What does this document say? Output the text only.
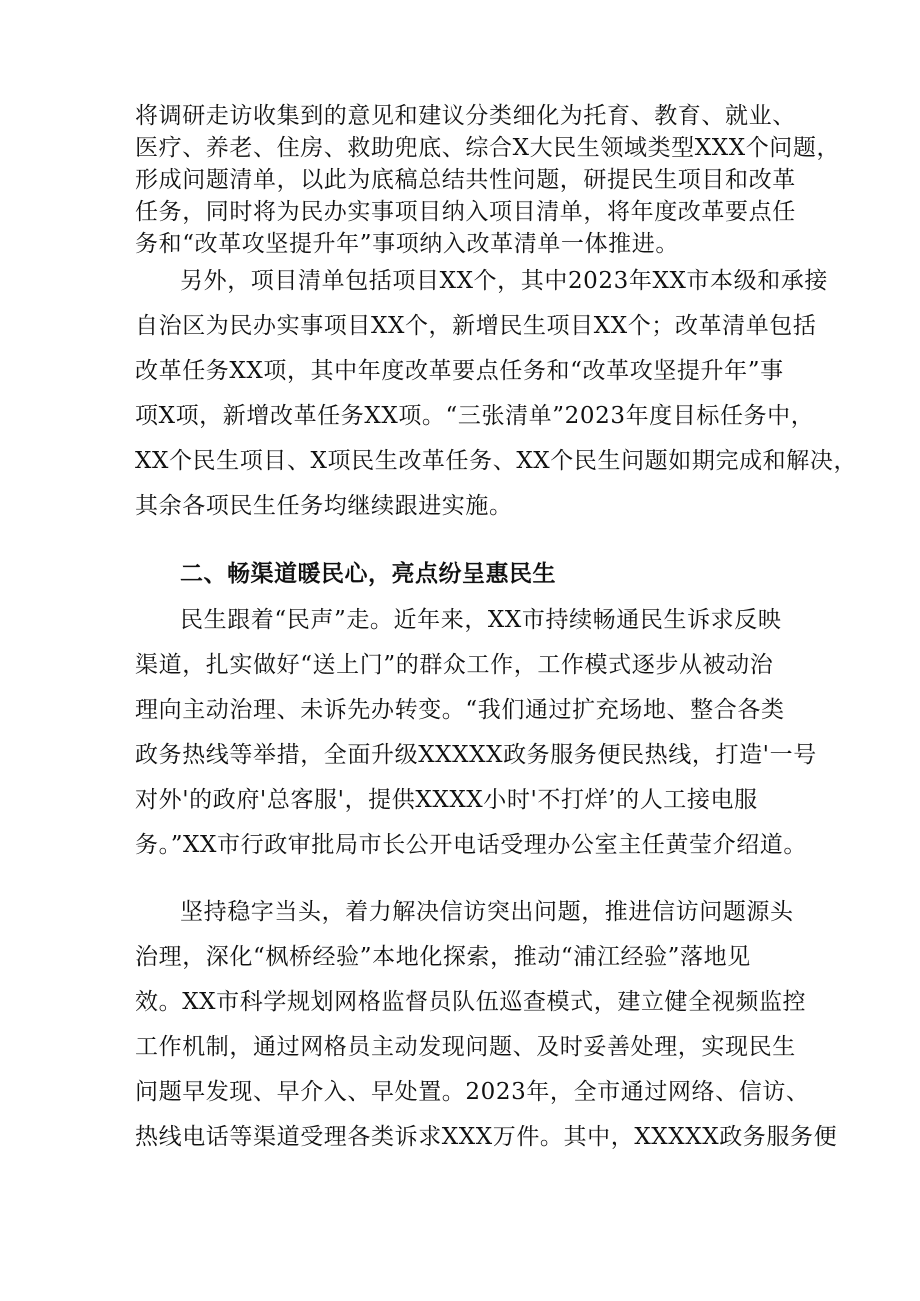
将调研走访收集到的意见和建议分类细化为托育、教育、就业、
医疗、养老、住房、救助兜底、综合X大民生领域类型XXX个问题，
形成问题清单，以此为底稿总结共性问题，研提民生项目和改革
任务，同时将为民办实事项目纳入项目清单，将年度改革要点任
务和“改革攻坚提升年”事项纳入改革清单一体推进。
另外，项目清单包括项目XX个，其中2023年XX市本级和承接
自治区为民办实事项目XX个，新增民生项目XX个；改革清单包括
改革任务XX项，其中年度改革要点任务和“改革攻坚提升年”事
项X项，新增改革任务XX项。“三张清单”2023年度目标任务中，
XX个民生项目、X项民生改革任务、XX个民生问题如期完成和解决，
其余各项民生任务均继续跟进实施。
二、畅渠道暖民心，亮点纷呈惠民生
民生跟着“民声”走。近年来，XX市持续畅通民生诉求反映
渠道，扎实做好“送上门”的群众工作，工作模式逐步从被动治
理向主动治理、未诉先办转变。“我们通过扩充场地、整合各类
政务热线等举措，全面升级XXXXX政务服务便民热线，打造'一号
对外'的政府'总客服'，提供XXXX小时'不打烊’的人工接电服
务。”XX市行政审批局市长公开电话受理办公室主任黄莹介绍道。
坚持稳字当头，着力解决信访突出问题，推进信访问题源头
治理，深化“枫桥经验”本地化探索，推动“浦江经验”落地见
效。XX市科学规划网格监督员队伍巡查模式，建立健全视频监控
工作机制，通过网格员主动发现问题、及时妥善处理，实现民生
问题早发现、早介入、早处置。2023年，全市通过网络、信访、
热线电话等渠道受理各类诉求XXX万件。其中，XXXXX政务服务便
